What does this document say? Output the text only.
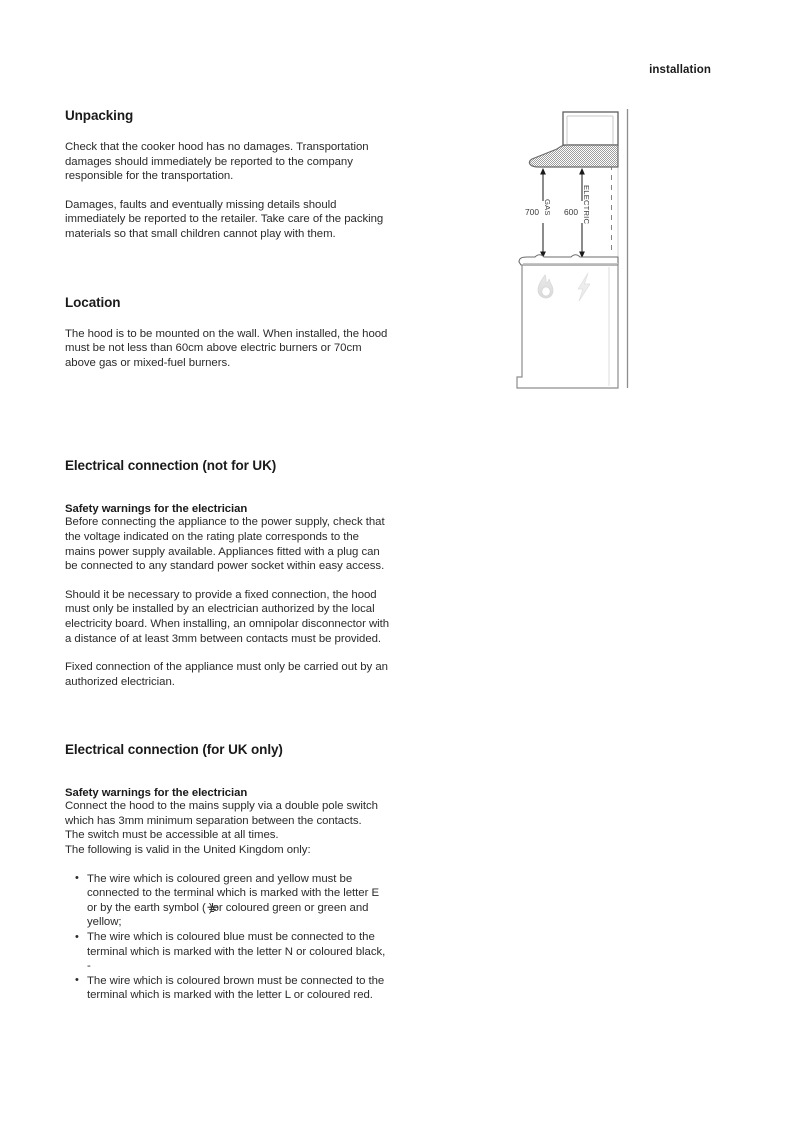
installation
Unpacking

Check that the cooker hood has no damages. Transportation damages should immediately be reported to the company responsible for the transportation.

Damages, faults and eventually missing details should immediately be reported to the retailer. Take care of the packing materials so that small children cannot play with them.

Location

The hood is to be mounted on the wall. When installed, the hood must be not less than 60cm above electric burners or 70cm above gas or mixed-fuel burners.

Electrical connection (not for UK)
Safety warnings for the electrician

Before connecting the appliance to the power supply, check that the voltage indicated on the rating plate corresponds to the mains power supply available. Appliances fitted with a plug can be connected to any standard power socket within easy access.

Should it be necessary to provide a fixed connection, the hood must only be installed by an electrician authorized by the local electricity board. When installing, an omnipolar disconnector with a distance of at least 3mm between contacts must be provided.

Fixed connection of the appliance must only be carried out by an authorized electrician.

Electrical connection (for UK only)
Safety warnings for the electrician

Connect the hood to the mains supply via a double pole switch which has 3mm minimum separation between the contacts.

The switch must be accessible at all times.

The following is valid in the United Kingdom only:

• The wire which is coloured green and yellow must be connected to the terminal which is marked with the letter E or by the earth symbol ( )
or coloured green or green and yellow;
• The wire which is coloured blue must be connected to the terminal which is marked with the letter N or coloured black, -
• The wire which is coloured brown must be connected to the terminal which is marked with the letter L or coloured red.
700 GAS 600 ELECTRIC
